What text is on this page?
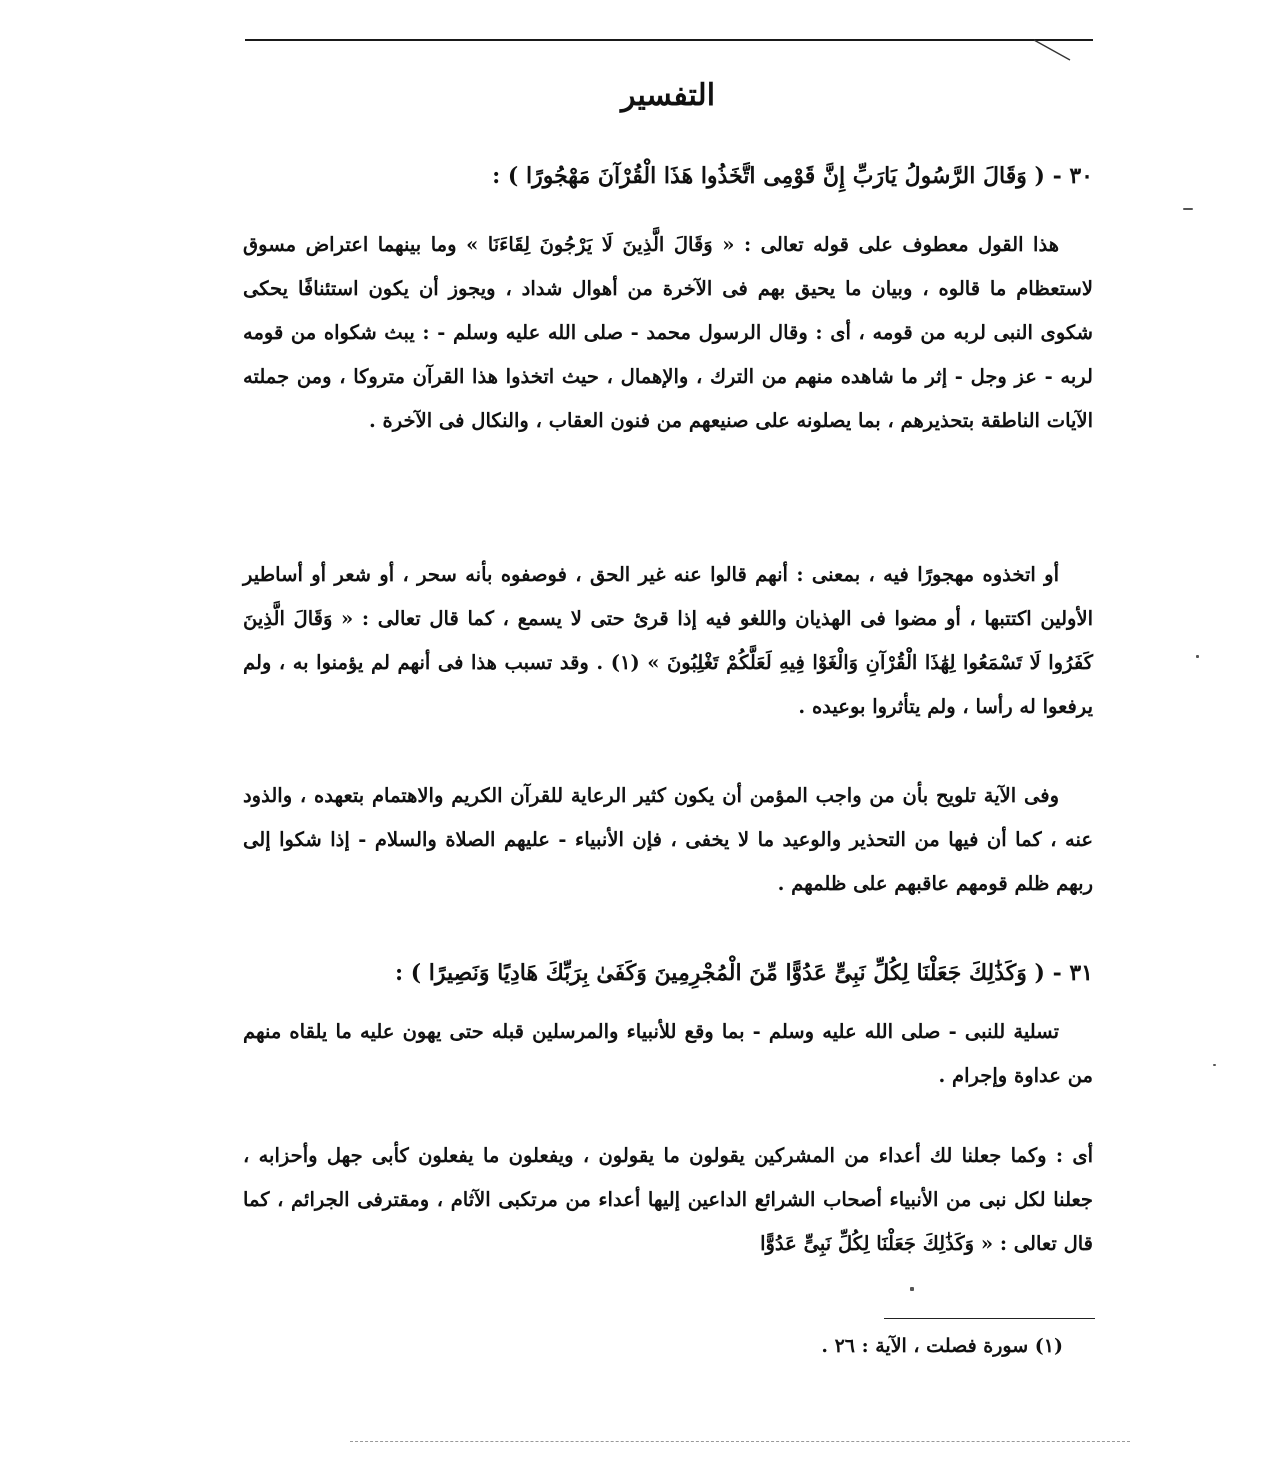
التفسير

٣٠ - ( وَقَالَ الرَّسُولُ يَارَبِّ إِنَّ قَوْمِى اتَّخَذُوا هَذَا الْقُرْآنَ مَهْجُورًا ) :

هذا القول معطوف على قوله تعالى : « وَقَالَ الَّذِينَ لَا يَرْجُونَ لِقَاءَنَا » وما بينهما اعتراض مسوق لاستعظام ما قالوه ، وبيان ما يحيق بهم فى الآخرة من أهوال شداد ، ويجوز أن يكون استئنافًا يحكى شكوى النبى لربه من قومه ، أى : وقال الرسول محمد - صلى الله عليه وسلم - : يبث شكواه من قومه لربه - عز وجل - إثر ما شاهده منهم من الترك ، والإهمال ، حيث اتخذوا هذا القرآن متروكا ، ومن جملته الآيات الناطقة بتحذيرهم ، بما يصلونه على صنيعهم من فنون العقاب ، والنكال فى الآخرة .

أو اتخذوه مهجورًا فيه ، بمعنى : أنهم قالوا عنه غير الحق ، فوصفوه بأنه سحر ، أو شعر أو أساطير الأولين اكتتبها ، أو مضوا فى الهذيان واللغو فيه إذا قرئ حتى لا يسمع ، كما قال تعالى : « وَقَالَ الَّذِينَ كَفَرُوا لَا تَسْمَعُوا لِهَٰذَا الْقُرْآنِ وَالْغَوْا فِيهِ لَعَلَّكُمْ تَغْلِبُونَ » (١) . وقد تسبب هذا فى أنهم لم يؤمنوا به ، ولم يرفعوا له رأسا ، ولم يتأثروا بوعيده .

وفى الآية تلويح بأن من واجب المؤمن أن يكون كثير الرعاية للقرآن الكريم والاهتمام بتعهده ، والذود عنه ، كما أن فيها من التحذير والوعيد ما لا يخفى ، فإن الأنبياء - عليهم الصلاة والسلام - إذا شكوا إلى ربهم ظلم قومهم عاقبهم على ظلمهم .

٣١ - ( وَكَذَٰلِكَ جَعَلْنَا لِكُلِّ نَبِىٍّ عَدُوًّا مِّنَ الْمُجْرِمِينَ وَكَفَىٰ بِرَبِّكَ هَادِيًا وَنَصِيرًا ) :

تسلية للنبى - صلى الله عليه وسلم - بما وقع للأنبياء والمرسلين قبله حتى يهون عليه ما يلقاه منهم من عداوة وإجرام .

أى : وكما جعلنا لك أعداء من المشركين يقولون ما يقولون ، ويفعلون ما يفعلون كأبى جهل وأحزابه ، جعلنا لكل نبى من الأنبياء أصحاب الشرائع الداعين إليها أعداء من مرتكبى الآثام ، ومقترفى الجرائم ، كما قال تعالى : « وَكَذَٰلِكَ جَعَلْنَا لِكُلِّ نَبِىٍّ عَدُوًّا

(١) سورة فصلت ، الآية : ٢٦ .
